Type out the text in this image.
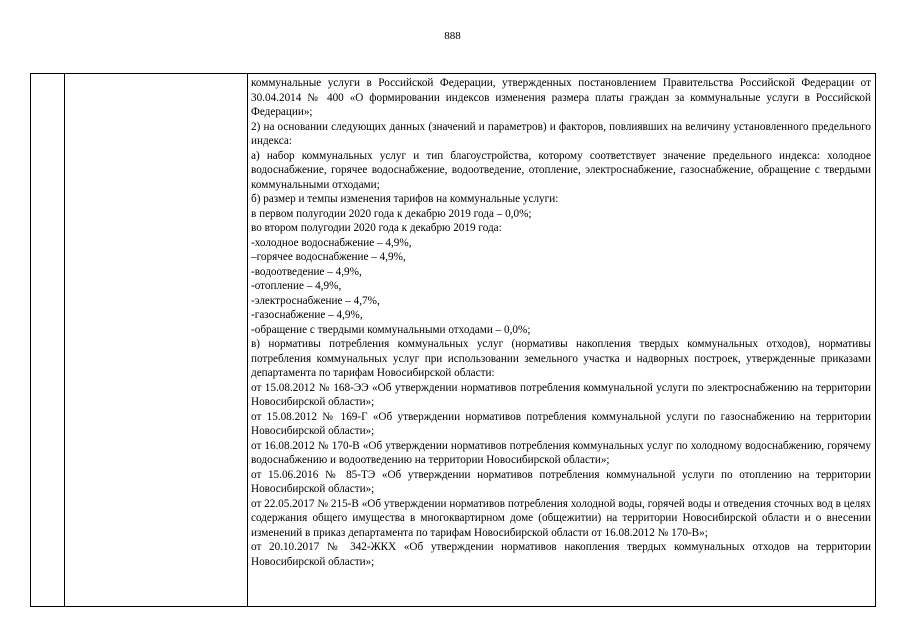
888

коммунальные услуги в Российской Федерации, утвержденных постановлением Правительства Российской Федерации от 30.04.2014 № 400 «О формировании индексов изменения размера платы граждан за коммунальные услуги в Российской Федерации»;

2) на основании следующих данных (значений и параметров) и факторов, повлиявших на величину установленного предельного индекса:

а) набор коммунальных услуг и тип благоустройства, которому соответствует значение предельного индекса: холодное водоснабжение, горячее водоснабжение, водоотведение, отопление, электроснабжение, газоснабжение, обращение с твердыми коммунальными отходами;

б) размер и темпы изменения тарифов на коммунальные услуги:

в первом полугодии 2020 года к декабрю 2019 года – 0,0%;

во втором полугодии 2020 года к декабрю 2019 года:

-холодное водоснабжение – 4,9%,

–горячее водоснабжение – 4,9%,

-водоотведение – 4,9%,

-отопление – 4,9%,

-электроснабжение – 4,7%,

-газоснабжение – 4,9%,

-обращение с твердыми коммунальными отходами – 0,0%;

в) нормативы потребления коммунальных услуг (нормативы накопления твердых коммунальных отходов), нормативы потребления коммунальных услуг при использовании земельного участка и надворных построек, утвержденные приказами департамента по тарифам Новосибирской области:

от 15.08.2012 № 168-ЭЭ «Об утверждении нормативов потребления коммунальной услуги по электроснабжению на территории Новосибирской области»;

от 15.08.2012 № 169-Г «Об утверждении нормативов потребления коммунальной услуги по газоснабжению на территории Новосибирской области»;

от 16.08.2012 № 170-В «Об утверждении нормативов потребления коммунальных услуг по холодному водоснабжению, горячему водоснабжению и водоотведению на территории Новосибирской области»;

от 15.06.2016 № 85-ТЭ «Об утверждении нормативов потребления коммунальной услуги по отоплению на территории Новосибирской области»;

от 22.05.2017 № 215-В «Об утверждении нормативов потребления холодной воды, горячей воды и отведения сточных вод в целях содержания общего имущества в многоквартирном доме (общежитии) на территории Новосибирской области и о внесении изменений в приказ департамента по тарифам Новосибирской области от 16.08.2012 № 170-В»;

от 20.10.2017 № 342-ЖКХ «Об утверждении нормативов накопления твердых коммунальных отходов на территории Новосибирской области»;
